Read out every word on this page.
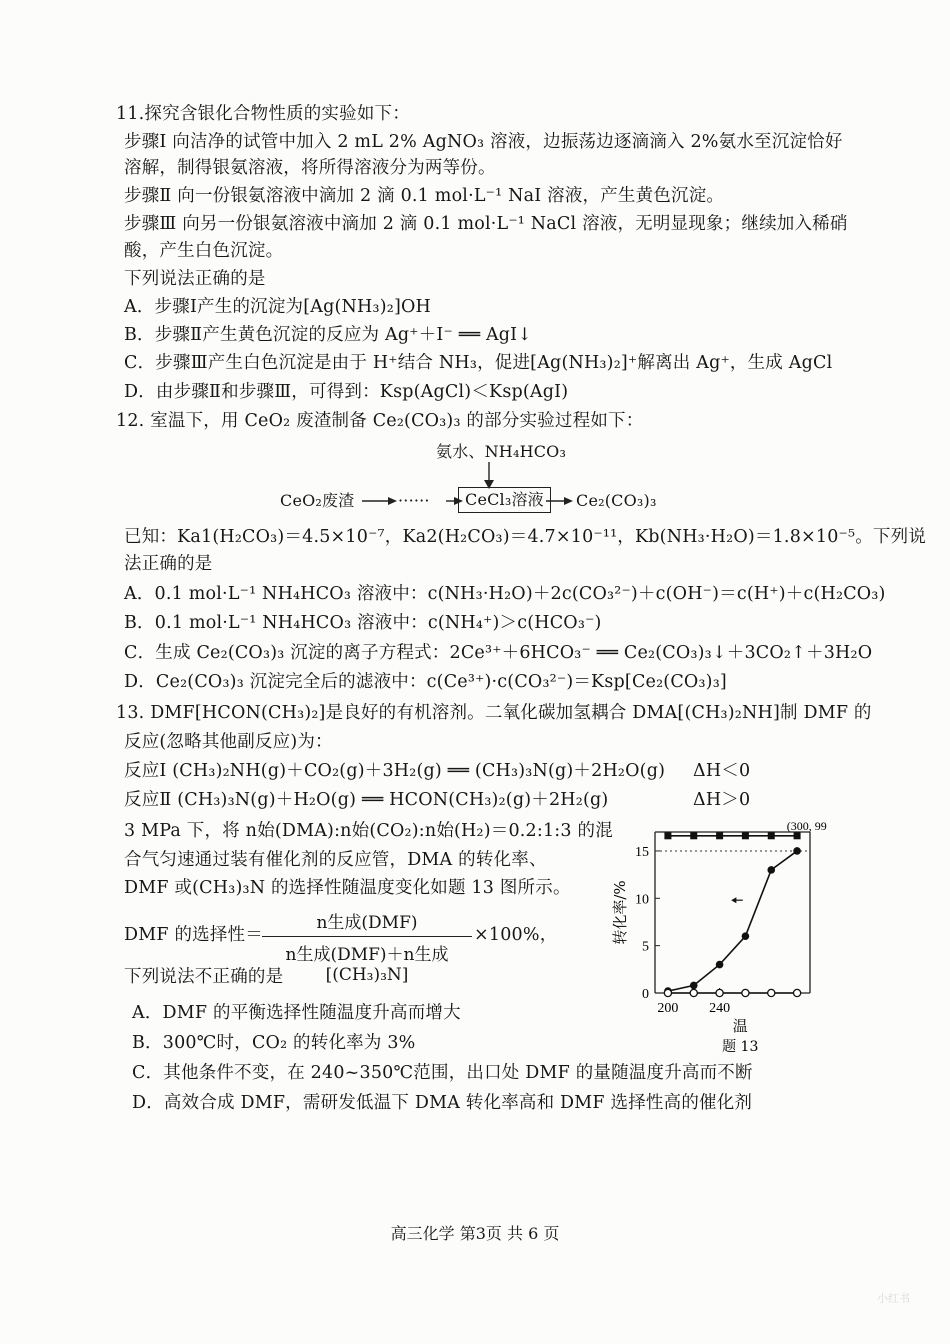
11.探究含银化合物性质的实验如下：
步骤Ⅰ 向洁净的试管中加入 2 mL 2% AgNO₃ 溶液，边振荡边逐滴滴入 2%氨水至沉淀恰好
溶解，制得银氨溶液，将所得溶液分为两等份。
步骤Ⅱ 向一份银氨溶液中滴加 2 滴 0.1 mol·L⁻¹ NaI 溶液，产生黄色沉淀。
步骤Ⅲ 向另一份银氨溶液中滴加 2 滴 0.1 mol·L⁻¹ NaCl 溶液，无明显现象；继续加入稀硝
酸，产生白色沉淀。
下列说法正确的是
A．步骤Ⅰ产生的沉淀为[Ag(NH₃)₂]OH
B．步骤Ⅱ产生黄色沉淀的反应为 Ag⁺＋I⁻ ══ AgI↓
C．步骤Ⅲ产生白色沉淀是由于 H⁺结合 NH₃，促进[Ag(NH₃)₂]⁺解离出 Ag⁺，生成 AgCl
D．由步骤Ⅱ和步骤Ⅲ，可得到：Ksp(AgCl)＜Ksp(AgI)
12. 室温下，用 CeO₂ 废渣制备 Ce₂(CO₃)₃ 的部分实验过程如下：
氨水、NH₄HCO₃
CeO₂废渣	······	CeCl₃溶液	Ce₂(CO₃)₃
已知：Ka1(H₂CO₃)＝4.5×10⁻⁷，Ka2(H₂CO₃)＝4.7×10⁻¹¹，Kb(NH₃·H₂O)＝1.8×10⁻⁵。下列说
法正确的是
A．0.1 mol·L⁻¹ NH₄HCO₃ 溶液中：c(NH₃·H₂O)＋2c(CO₃²⁻)＋c(OH⁻)＝c(H⁺)＋c(H₂CO₃)
B．0.1 mol·L⁻¹ NH₄HCO₃ 溶液中：c(NH₄⁺)＞c(HCO₃⁻)
C．生成 Ce₂(CO₃)₃ 沉淀的离子方程式：2Ce³⁺＋6HCO₃⁻ ══ Ce₂(CO₃)₃↓＋3CO₂↑＋3H₂O
D．Ce₂(CO₃)₃ 沉淀完全后的滤液中：c(Ce³⁺)·c(CO₃²⁻)＝Ksp[Ce₂(CO₃)₃]
13. DMF[HCON(CH₃)₂]是良好的有机溶剂。二氧化碳加氢耦合 DMA[(CH₃)₂NH]制 DMF 的
反应(忽略其他副反应)为：
反应Ⅰ (CH₃)₂NH(g)＋CO₂(g)＋3H₂(g) ══ (CH₃)₃N(g)＋2H₂O(g) ΔH＜0
反应Ⅱ (CH₃)₃N(g)＋H₂O(g) ══ HCON(CH₃)₂(g)＋2H₂(g)	ΔH＞0
3 MPa 下，将 n始(DMA):n始(CO₂):n始(H₂)＝0.2:1:3 的混
合气匀速通过装有催化剂的反应管，DMA 的转化率、
DMF 或(CH₃)₃N 的选择性随温度变化如题 13 图所示。
DMF 的选择性＝
n生成(DMF)
n生成(DMF)＋n生成[(CH₃)₃N]
×100%，
下列说法不正确的是
A．DMF 的平衡选择性随温度升高而增大
B．300℃时，CO₂ 的转化率为 3%
C．其他条件不变，在 240~350℃范围，出口处 DMF 的量随温度升高而不断
D．高效合成 DMF，需研发低温下 DMA 转化率高和 DMF 选择性高的催化剂
0
5
10
15
200 240
(300, 99
转化率/%
温
题 13
高三化学 第3页 共 6 页
小红书
